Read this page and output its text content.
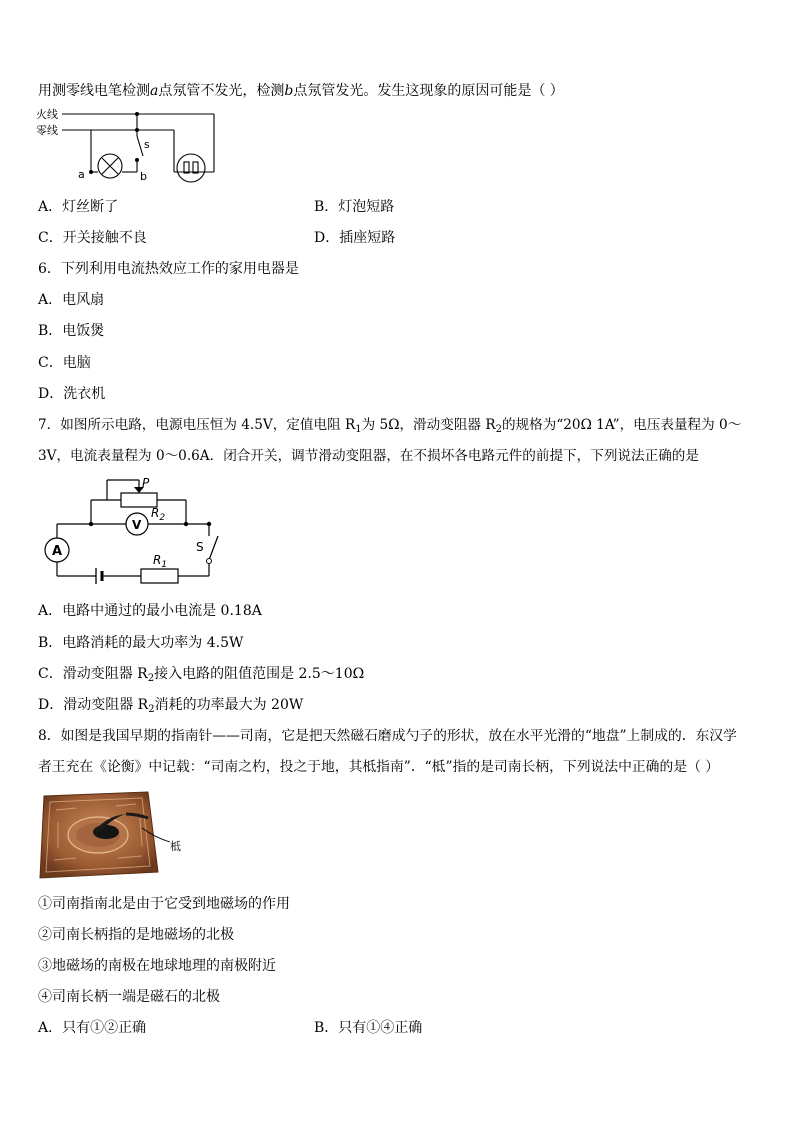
用测零线电笔检测a点氖管不发光，检测b点氖管发光。发生这现象的原因可能是（ ）
火线
零线
a	b
s
A．灯丝断了	B．灯泡短路
C．开关接触不良	D．插座短路
6．下列利用电流热效应工作的家用电器是
A．电风扇
B．电饭煲
C．电脑
D．洗衣机
7．如图所示电路，电源电压恒为 4.5V，定值电阻 $R_1$为 5Ω，滑动变阻器 $R_2$的规格为“20Ω 1A”，电压表量程为 0～
3V，电流表量程为 0～0.6A．闭合开关，调节滑动变阻器，在不损坏各电路元件的前提下，下列说法正确的是
A
V
P
$R_2$
$R_1$
S
A．电路中通过的最小电流是 0.18A
B．电路消耗的最大功率为 4.5W
C．滑动变阻器 $R_2$接入电路的阻值范围是 2.5～10Ω
D．滑动变阻器 $R_2$消耗的功率最大为 20W
8．如图是我国早期的指南针——司南，它是把天然磁石磨成勺子的形状，放在水平光滑的“地盘”上制成的．东汉学
者王充在《论衡》中记载：“司南之杓，投之于地，其柢指南”．“柢”指的是司南长柄，下列说法中正确的是（ ）
柢
①司南指南北是由于它受到地磁场的作用
②司南长柄指的是地磁场的北极
③地磁场的南极在地球地理的南极附近
④司南长柄一端是磁石的北极
A．只有①②正确	B．只有①④正确
